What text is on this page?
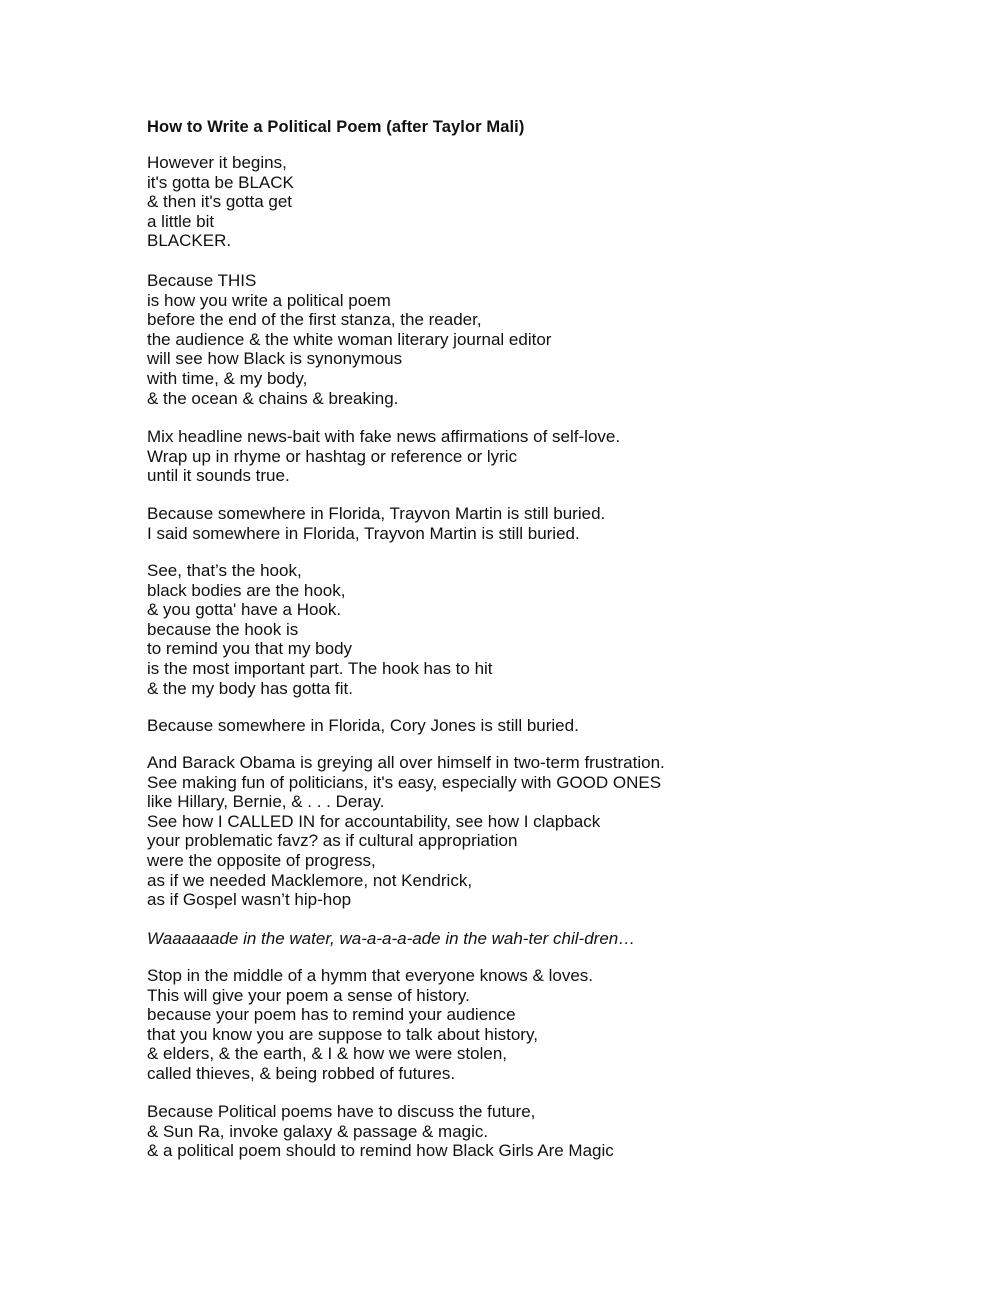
How to Write a Political Poem (after Taylor Mali)
However it begins,
it's gotta be BLACK
& then it's gotta get
a little bit
BLACKER.
Because THIS
is how you write a political poem
before the end of the first stanza, the reader,
the audience & the white woman literary journal editor
will see how Black is synonymous
with time, & my body,
& the ocean & chains & breaking.
Mix headline news-bait with fake news affirmations of self-love.
Wrap up in rhyme or hashtag or reference or lyric
until it sounds true.
Because somewhere in Florida, Trayvon Martin is still buried.
I said somewhere in Florida, Trayvon Martin is still buried.
See, that’s the hook,
black bodies are the hook,
& you gotta' have a Hook.
because the hook is
to remind you that my body
is the most important part. The hook has to hit
& the my body has gotta fit.
Because somewhere in Florida, Cory Jones is still buried.
And Barack Obama is greying all over himself in two-term frustration.
See making fun of politicians, it's easy, especially with GOOD ONES
like Hillary, Bernie, & . . . Deray.
See how I CALLED IN for accountability, see how I clapback
your problematic favz? as if cultural appropriation
were the opposite of progress,
as if we needed Macklemore, not Kendrick,
as if Gospel wasn’t hip-hop
Waaaaaade in the water, wa-a-a-a-ade in the wah-ter chil-dren…
Stop in the middle of a hymm that everyone knows & loves.
This will give your poem a sense of history.
because your poem has to remind your audience
that you know you are suppose to talk about history,
& elders, & the earth, & I & how we were stolen,
called thieves, & being robbed of futures.
Because Political poems have to discuss the future,
& Sun Ra, invoke galaxy & passage & magic.
& a political poem should to remind how Black Girls Are Magic
